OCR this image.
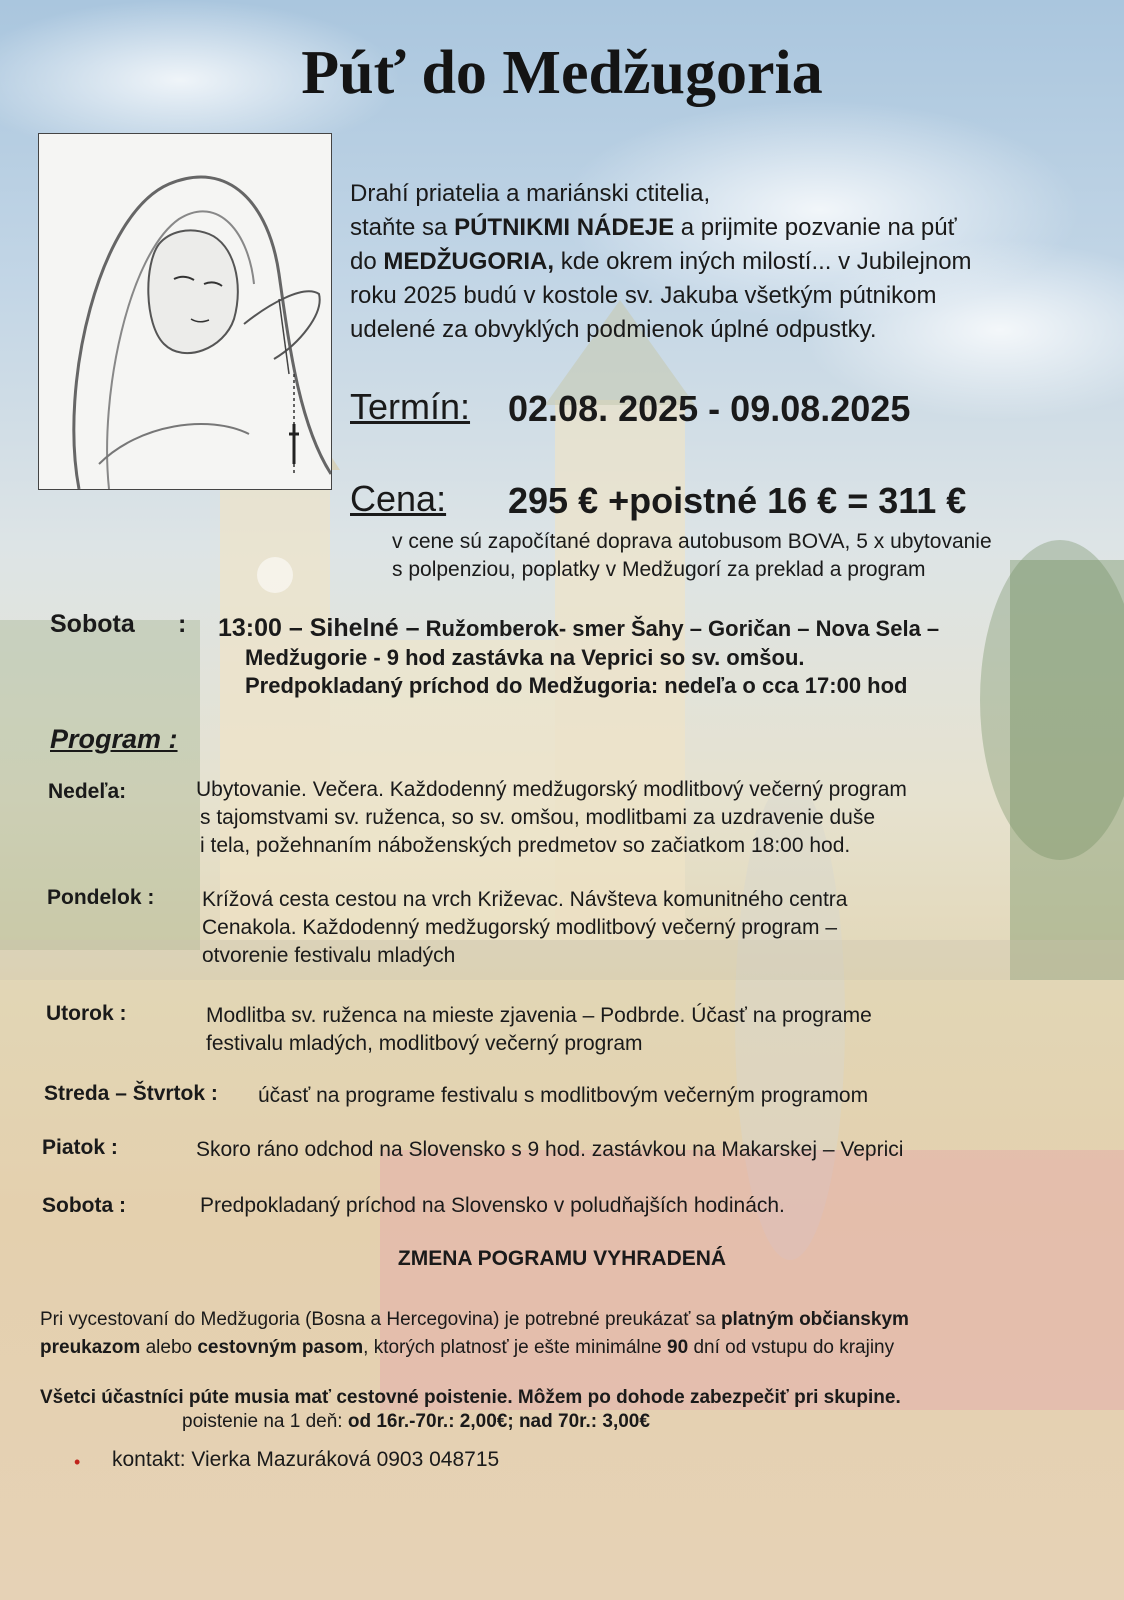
Púť do Medžugoria
Drahí priatelia a mariánski ctitelia,
staňte sa PÚTNIKMI NÁDEJE a prijmite pozvanie na púť
do MEDŽUGORIA, kde okrem iných milostí... v Jubilejnom
roku 2025 budú v kostole sv. Jakuba všetkým pútnikom
udelené za obvyklých podmienok úplné odpustky.
Termín: 02.08. 2025 - 09.08.2025
Cena: 295 € +poistné 16 € = 311 €
v cene sú započítané doprava autobusom BOVA, 5 x ubytovanie
s polpenziou, poplatky v Medžugorí za preklad a program
Sobota : 13:00 – Sihelné – Ružomberok- smer Šahy – Goričan – Nova Sela –
Medžugorie - 9 hod zastávka na Veprici so sv. omšou.
Predpokladaný príchod do Medžugoria: nedeľa o cca 17:00 hod
Program :
Nedeľa:	Ubytovanie. Večera. Každodenný medžugorský modlitbový večerný program
s tajomstvami sv. ruženca, so sv. omšou, modlitbami za uzdravenie duše
i tela, požehnaním náboženských predmetov so začiatkom 18:00 hod.
Pondelok : Krížová cesta cestou na vrch Križevac. Návšteva komunitného centra
Cenakola. Každodenný medžugorský modlitbový večerný program –
otvorenie festivalu mladých
Utorok :	Modlitba sv. ruženca na mieste zjavenia – Podbrde. Účasť na programe
festivalu mladých, modlitbový večerný program
Streda – Štvrtok : účasť na programe festivalu s modlitbovým večerným programom
Piatok :	Skoro ráno odchod na Slovensko s 9 hod. zastávkou na Makarskej – Veprici
Sobota :	Predpokladaný príchod na Slovensko v poludňajších hodinách.
ZMENA POGRAMU VYHRADENÁ
Pri vycestovaní do Medžugoria (Bosna a Hercegovina) je potrebné preukázať sa platným občianskym
preukazom alebo cestovným pasom, ktorých platnosť je ešte minimálne 90 dní od vstupu do krajiny
Všetci účastníci púte musia mať cestovné poistenie. Môžem po dohode zabezpečiť pri skupine.
poistenie na 1 deň: od 16r.-70r.: 2,00€; nad 70r.: 3,00€
• kontakt: Vierka Mazuráková 0903 048715
